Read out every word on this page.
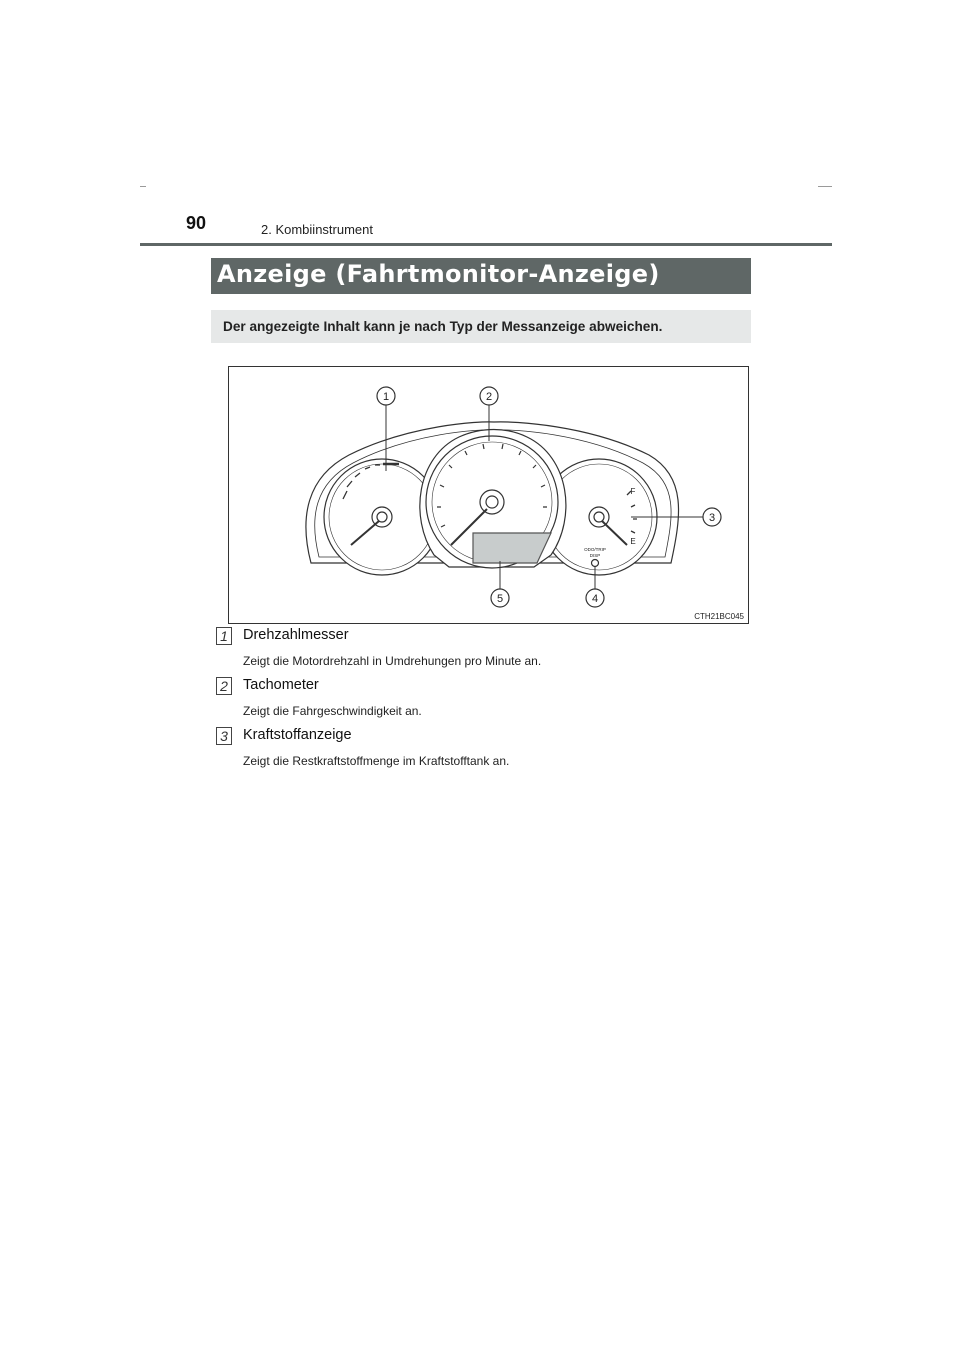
90	2. Kombiinstrument
Anzeige (Fahrtmonitor-Anzeige)
Der angezeigte Inhalt kann je nach Typ der Messanzeige abweichen.
1	2
3
4
5
F
E
ODO/TRIP
DISP
CTH21BC045
1 Drehzahlmesser
Zeigt die Motordrehzahl in Umdrehungen pro Minute an.
2 Tachometer
Zeigt die Fahrgeschwindigkeit an.
3 Kraftstoffanzeige
Zeigt die Restkraftstoffmenge im Kraftstofftank an.
